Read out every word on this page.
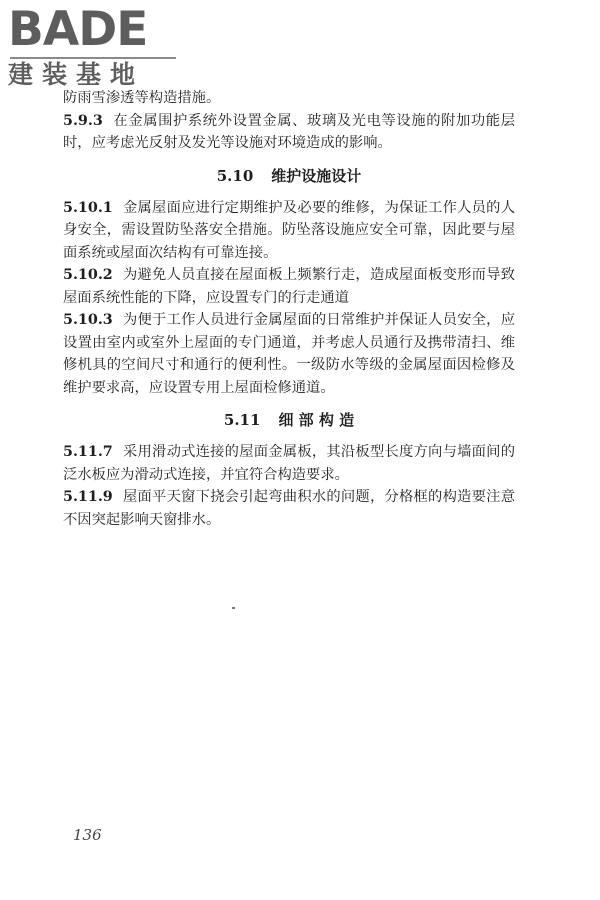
BADE
建装基地

防雨雪渗透等构造措施。

5.9.3 在金属围护系统外设置金属、玻璃及光电等设施的附加功能层时，应考虑光反射及发光等设施对环境造成的影响。

5.10 维护设施设计

5.10.1 金属屋面应进行定期维护及必要的维修，为保证工作人员的人身安全，需设置防坠落安全措施。防坠落设施应安全可靠，因此要与屋面系统或屋面次结构有可靠连接。

5.10.2 为避免人员直接在屋面板上频繁行走，造成屋面板变形而导致屋面系统性能的下降，应设置专门的行走通道

5.10.3 为便于工作人员进行金属屋面的日常维护并保证人员安全，应设置由室内或室外上屋面的专门通道，并考虑人员通行及携带清扫、维修机具的空间尺寸和通行的便利性。一级防水等级的金属屋面因检修及维护要求高，应设置专用上屋面检修通道。

5.11 细 部 构 造

5.11.7 采用滑动式连接的屋面金属板，其沿板型长度方向与墙面间的泛水板应为滑动式连接，并宜符合构造要求。

5.11.9 屋面平天窗下挠会引起弯曲积水的问题，分格框的构造要注意不因突起影响天窗排水。

136
